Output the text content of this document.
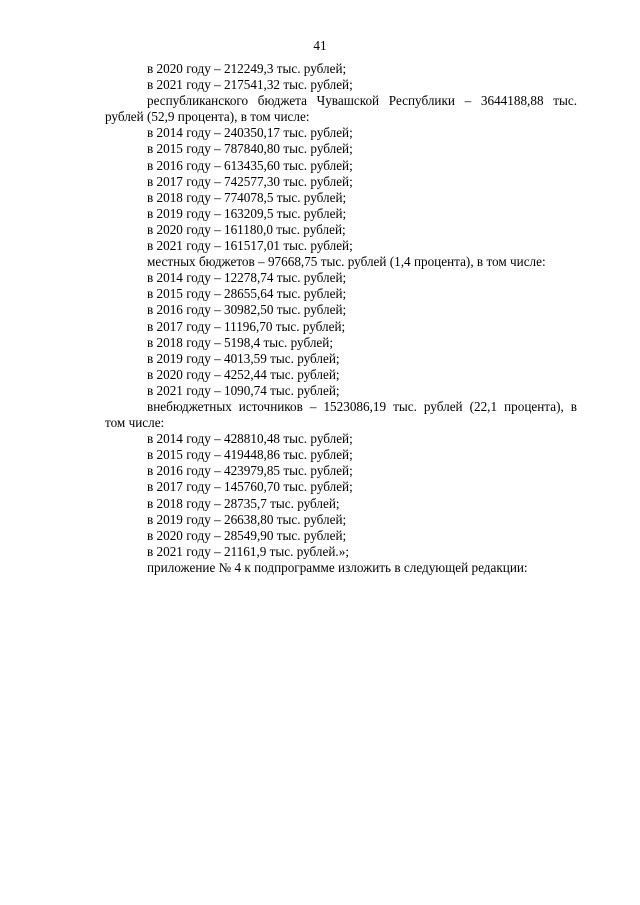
41
в 2020 году – 212249,3 тыс. рублей;
в 2021 году – 217541,32 тыс. рублей;
республиканского бюджета Чувашской Республики – 3644188,88 тыс.
рублей (52,9 процента), в том числе:
в 2014 году – 240350,17 тыс. рублей;
в 2015 году – 787840,80 тыс. рублей;
в 2016 году – 613435,60 тыс. рублей;
в 2017 году – 742577,30 тыс. рублей;
в 2018 году – 774078,5 тыс. рублей;
в 2019 году – 163209,5 тыс. рублей;
в 2020 году – 161180,0 тыс. рублей;
в 2021 году – 161517,01 тыс. рублей;
местных бюджетов – 97668,75 тыс. рублей (1,4 процента), в том числе:
в 2014 году – 12278,74 тыс. рублей;
в 2015 году – 28655,64 тыс. рублей;
в 2016 году – 30982,50 тыс. рублей;
в 2017 году – 11196,70 тыс. рублей;
в 2018 году – 5198,4 тыс. рублей;
в 2019 году – 4013,59 тыс. рублей;
в 2020 году – 4252,44 тыс. рублей;
в 2021 году – 1090,74 тыс. рублей;
внебюджетных источников – 1523086,19 тыс. рублей (22,1 процента), в
том числе:
в 2014 году – 428810,48 тыс. рублей;
в 2015 году – 419448,86 тыс. рублей;
в 2016 году – 423979,85 тыс. рублей;
в 2017 году – 145760,70 тыс. рублей;
в 2018 году – 28735,7 тыс. рублей;
в 2019 году – 26638,80 тыс. рублей;
в 2020 году – 28549,90 тыс. рублей;
в 2021 году – 21161,9 тыс. рублей.»;
приложение № 4 к подпрограмме изложить в следующей редакции:
